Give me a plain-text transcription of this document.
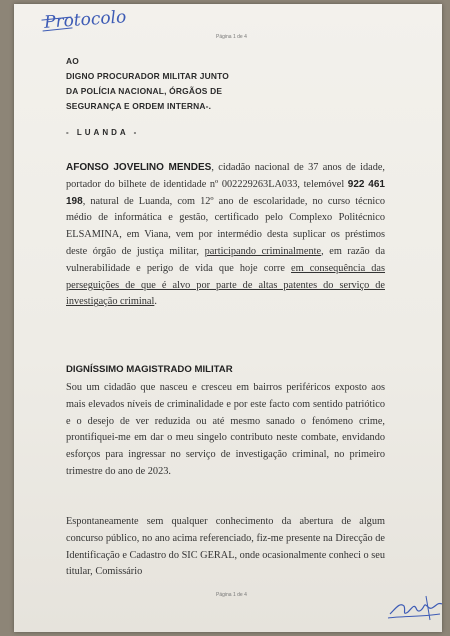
Protocolo
Página 1 de 4
AO
DIGNO PROCURADOR MILITAR JUNTO
DA POLÍCIA NACIONAL, ÓRGÃOS DE
SEGURANÇA E ORDEM INTERNA-.
- LUANDA -

AFONSO JOVELINO MENDES, cidadão nacional de 37 anos de idade, portador do bilhete de identidade nº 002229263LA033, telemóvel 922 461 198, natural de Luanda, com 12º ano de escolaridade, no curso técnico médio de informática e gestão, certificado pelo Complexo Politécnico ELSAMINA, em Viana, vem por intermédio desta suplicar os préstimos deste órgão de justiça militar, participando criminalmente, em razão da vulnerabilidade e perigo de vida que hoje corre em consequência das perseguições de que é alvo por parte de altas patentes do serviço de investigação criminal.

DIGNÍSSIMO MAGISTRADO MILITAR
Sou um cidadão que nasceu e cresceu em bairros periféricos exposto aos mais elevados níveis de criminalidade e por este facto com sentido patriótico e o desejo de ver reduzida ou até mesmo sanado o fenómeno crime, prontifiquei-me em dar o meu singelo contributo neste combate, envidando esforços para ingressar no serviço de investigação criminal, no primeiro trimestre do ano de 2023.
Espontaneamente sem qualquer conhecimento da abertura de algum concurso público, no ano acima referenciado, fiz-me presente na Direcção de Identificação e Cadastro do SIC GERAL, onde ocasionalmente conheci o seu titular, Comissário
Página 1 de 4
